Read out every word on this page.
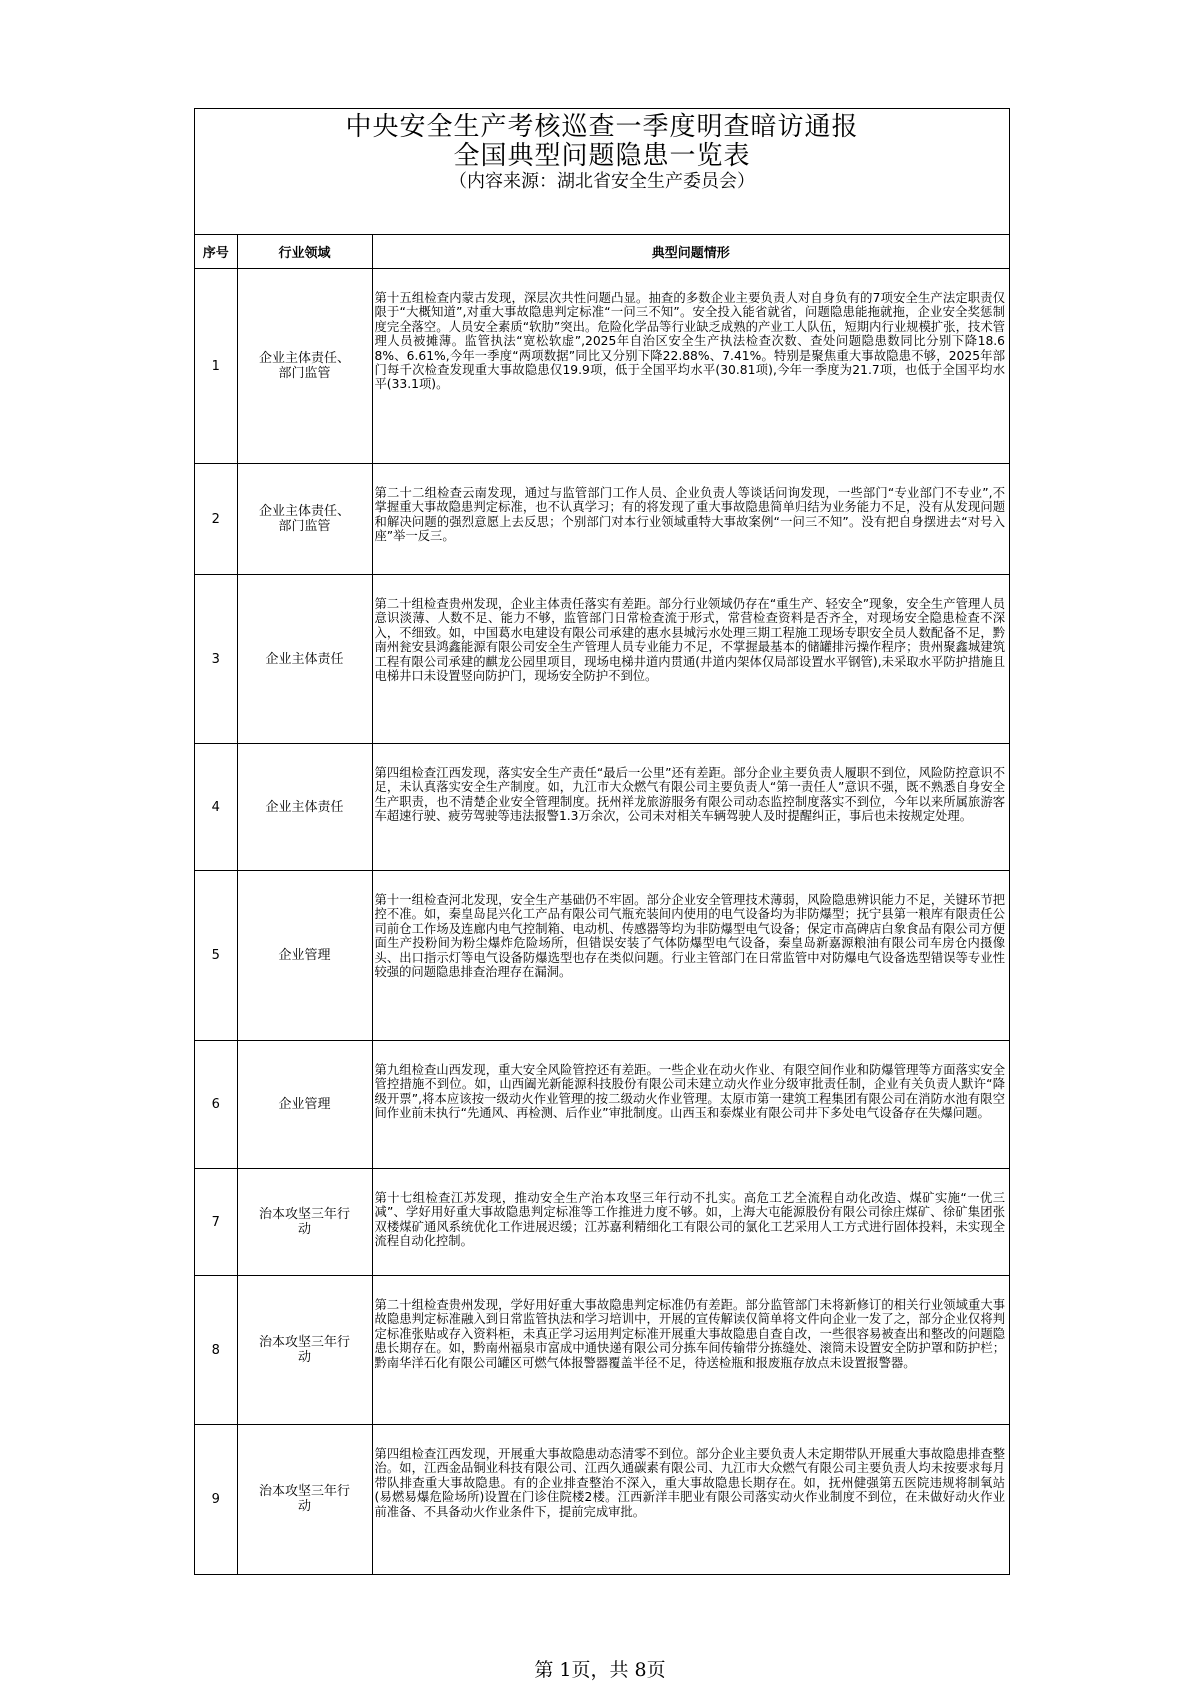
中央安全生产考核巡查一季度明查暗访通报
全国典型问题隐患一览表
（内容来源：湖北省安全生产委员会）
序号	行业领域	典型问题情形
1	企业主体责任、部门监管	第十五组检查内蒙古发现，深层次共性问题凸显。抽查的多数企业主要负责人对自身负有的7项安全生产法定职责仅限于“大概知道”,对重大事故隐患判定标准“一问三不知”。安全投入能省就省，问题隐患能拖就拖，企业安全奖惩制度完全落空。人员安全素质“软肋”突出。危险化学品等行业缺乏成熟的产业工人队伍，短期内行业规模扩张，技术管理人员被摊薄。监管执法“宽松软虚”,2025年自治区安全生产执法检查次数、查处问题隐患数同比分别下降18.68%、6.61%,今年一季度“两项数据”同比又分别下降22.88%、7.41%。特别是聚焦重大事故隐患不够，2025年部门每千次检查发现重大事故隐患仅19.9项，低于全国平均水平(30.81项),今年一季度为21.7项，也低于全国平均水平(33.1项)。
2	企业主体责任、部门监管	第二十二组检查云南发现，通过与监管部门工作人员、企业负责人等谈话问询发现，一些部门“专业部门不专业”,不掌握重大事故隐患判定标准，也不认真学习；有的将发现了重大事故隐患简单归结为业务能力不足，没有从发现问题和解决问题的强烈意愿上去反思；个别部门对本行业领域重特大事故案例“一问三不知”。没有把自身摆进去“对号入座”举一反三。
3	企业主体责任	第二十组检查贵州发现，企业主体责任落实有差距。部分行业领域仍存在“重生产、轻安全”现象，安全生产管理人员意识淡薄、人数不足、能力不够，监管部门日常检查流于形式，常营检查资料是否齐全，对现场安全隐患检查不深入，不细致。如，中国葛水电建设有限公司承建的惠水县城污水处理三期工程施工现场专职安全员人数配备不足，黔南州瓮安县鸿鑫能源有限公司安全生产管理人员专业能力不足，不掌握最基本的储罐排污操作程序；贵州聚鑫城建筑工程有限公司承建的麒龙公园里项目，现场电梯井道内贯通(井道内架体仅局部设置水平钢管),未采取水平防护措施且电梯井口未设置竖向防护门，现场安全防护不到位。
4	企业主体责任	第四组检查江西发现，落实安全生产责任“最后一公里”还有差距。部分企业主要负责人履职不到位，风险防控意识不足，未认真落实安全生产制度。如，九江市大众燃气有限公司主要负责人“第一责任人”意识不强，既不熟悉自身安全生产职责，也不清楚企业安全管理制度。抚州祥龙旅游服务有限公司动态监控制度落实不到位，今年以来所属旅游客车超速行驶、疲劳驾驶等违法报警1.3万余次，公司未对相关车辆驾驶人及时提醒纠正，事后也未按规定处理。
5	企业管理	第十一组检查河北发现，安全生产基础仍不牢固。部分企业安全管理技术薄弱，风险隐患辨识能力不足，关键环节把控不准。如，秦皇岛昆兴化工产品有限公司气瓶充装间内使用的电气设备均为非防爆型；抚宁县第一粮库有限责任公司前仓工作场及连廊内电气控制箱、电动机、传感器等均为非防爆型电气设备；保定市高碑店白象食品有限公司方便面生产投粉间为粉尘爆炸危险场所，但错误安装了气体防爆型电气设备，秦皇岛新嘉源粮油有限公司车房仓内摄像头、出口指示灯等电气设备防爆选型也存在类似问题。行业主管部门在日常监管中对防爆电气设备选型错误等专业性较强的问题隐患排查治理存在漏洞。
6	企业管理	第九组检查山西发现，重大安全风险管控还有差距。一些企业在动火作业、有限空间作业和防爆管理等方面落实安全管控措施不到位。如，山西阖光新能源科技股份有限公司未建立动火作业分级审批责任制，企业有关负责人默许“降级开票”,将本应该按一级动火作业管理的按二级动火作业管理。太原市第一建筑工程集团有限公司在消防水池有限空间作业前未执行“先通风、再检测、后作业”审批制度。山西玉和泰煤业有限公司井下多处电气设备存在失爆问题。
7	治本攻坚三年行动	第十七组检查江苏发现，推动安全生产治本攻坚三年行动不扎实。高危工艺全流程自动化改造、煤矿实施“一优三减”、学好用好重大事故隐患判定标准等工作推进力度不够。如，上海大屯能源股份有限公司徐庄煤矿、徐矿集团张双楼煤矿通风系统优化工作进展迟缓；江苏嘉利精细化工有限公司的氯化工艺采用人工方式进行固体投料，未实现全流程自动化控制。
8	治本攻坚三年行动	第二十组检查贵州发现，学好用好重大事故隐患判定标准仍有差距。部分监管部门未将新修订的相关行业领域重大事故隐患判定标准融入到日常监管执法和学习培训中，开展的宣传解读仅简单将文件向企业一发了之，部分企业仅将判定标准张贴或存入资料柜，未真正学习运用判定标准开展重大事故隐患自查自改，一些很容易被查出和整改的问题隐患长期存在。如，黔南州福泉市富成中通快递有限公司分拣车间传输带分拣缝处、滚筒未设置安全防护罩和防护栏；黔南华洋石化有限公司罐区可燃气体报警器覆盖半径不足，待送检瓶和报废瓶存放点未设置报警器。
9	治本攻坚三年行动	第四组检查江西发现，开展重大事故隐患动态清零不到位。部分企业主要负责人未定期带队开展重大事故隐患排查整治。如，江西金品铜业科技有限公司、江西久通碳素有限公司、九江市大众燃气有限公司主要负责人均未按要求每月带队排查重大事故隐患。有的企业排查整治不深入，重大事故隐患长期存在。如，抚州健强第五医院违规将制氧站(易燃易爆危险场所)设置在门诊住院楼2楼。江西新洋丰肥业有限公司落实动火作业制度不到位，在未做好动火作业前准备、不具备动火作业条件下，提前完成审批。
第 1页，共 8页
